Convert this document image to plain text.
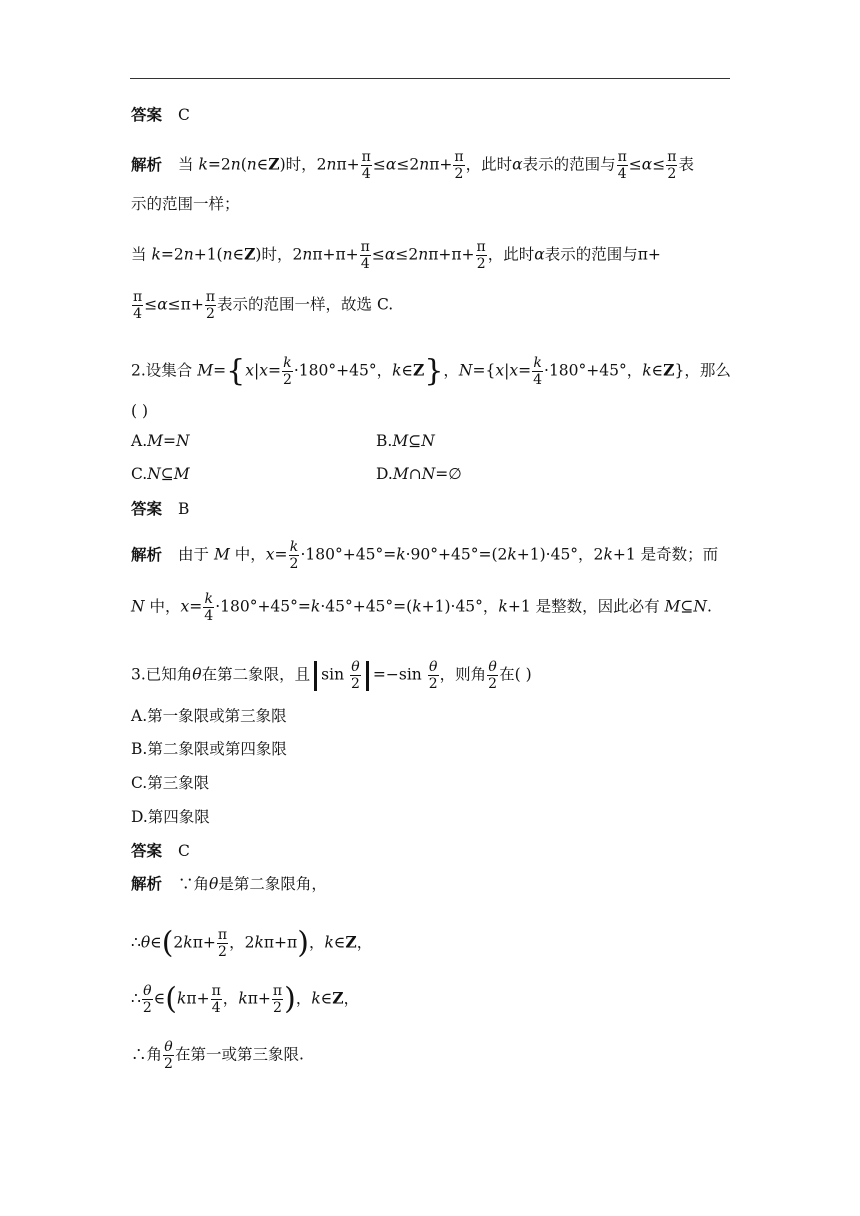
答案 C
解析 当 k=2n(n∈Z)时，$2n\pi+ \frac{\pi}{4} \le\alpha\le 2n\pi+ \frac{\pi}{2}$ ，此时α表示的范围与 $\frac{\pi}{4} \le\alpha\le \frac{\pi}{2}$ 表
示的范围一样；
当 k=2n+1(n∈Z)时，$2n\pi+\pi+ \frac{\pi}{4} \le\alpha\le 2n\pi+\pi+ \frac{\pi}{2}$ ，此时α表示的范围与π+
$\frac{\pi}{4} \le\alpha\le\pi+ \frac{\pi}{2}$ 表示的范围一样，故选 C.
2.设集合 $M=\{x|x= \frac{k}{2} \cdot 180^\circ+45^\circ$，k∈Z}，$N=\{x|x= \frac{k}{4} \cdot 180^\circ+45^\circ$，k∈Z}，那么
( )
A.M=N	B.M⊆N
C.N⊆M	D.M∩N=∅
答案 B
解析 由于 M 中，$x= \frac{k}{2} \cdot 180^\circ+45^\circ=k\cdot 90^\circ+45^\circ=(2k+1)\cdot 45^\circ$，2k+1 是奇数；而
N 中，$x= \frac{k}{4} \cdot 180^\circ+45^\circ=k\cdot 45^\circ+45^\circ=(k+1)\cdot 45^\circ$，k+1 是整数，因此必有 M⊆N.
3.已知角θ在第二象限，且 $\sin \frac{\theta}{2} =-\sin \frac{\theta}{2}$ ，则角 $\frac{\theta}{2}$ 在( )
A.第一象限或第三象限
B.第二象限或第四象限
C.第三象限
D.第四象限
答案 C
解析 ∵角θ是第二象限角，
∴θ∈(2kπ+ $\frac{\pi}{2}$ ，2kπ+π)，k∈Z，
∴ $\frac{\theta}{2}$ ∈(kπ+ $\frac{\pi}{4}$ ，$k\pi+ \frac{\pi}{2}$ )，k∈Z，
∴角 $\frac{\theta}{2}$ 在第一或第三象限.
